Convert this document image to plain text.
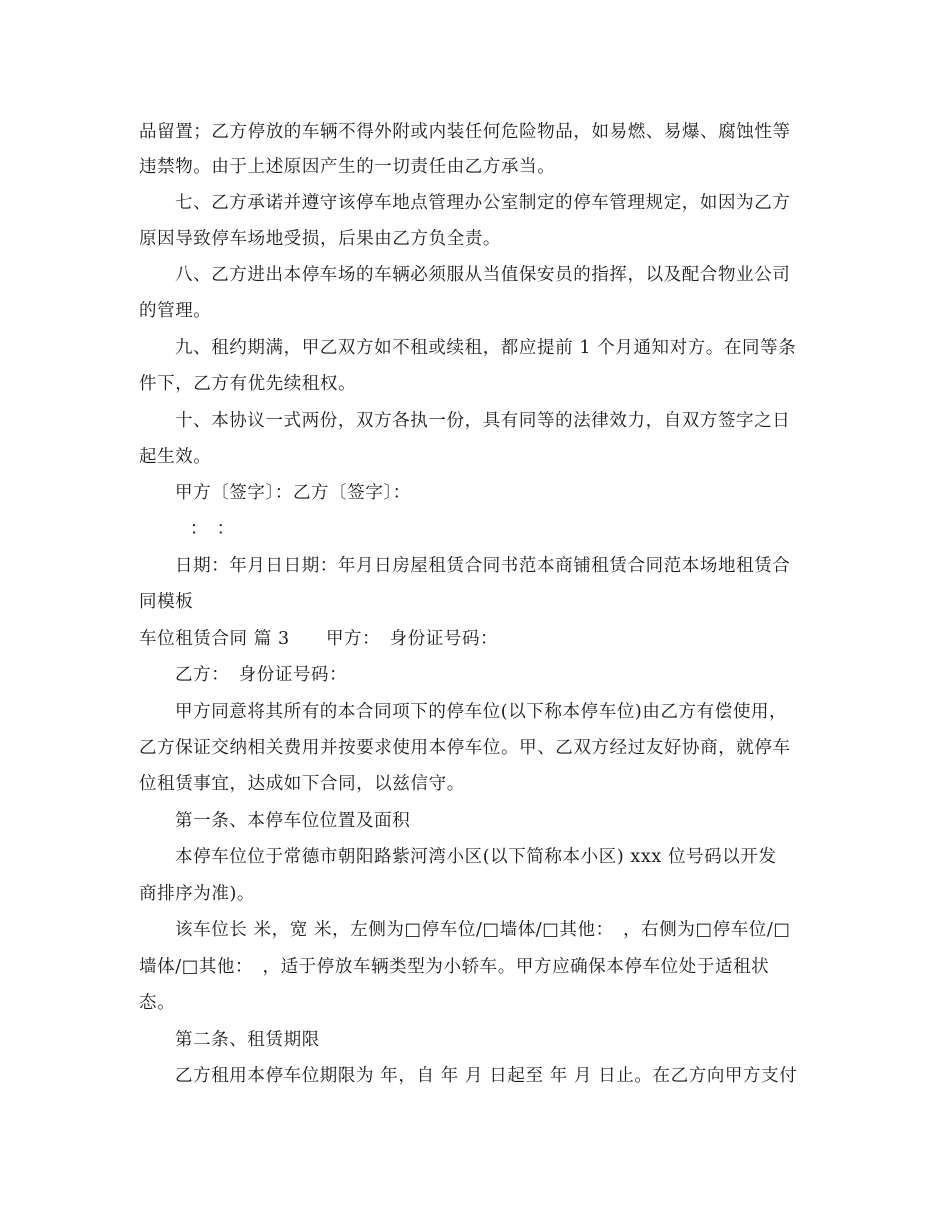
品留置；乙方停放的车辆不得外附或内装任何危险物品，如易燃、易爆、腐蚀性等
违禁物。由于上述原因产生的一切责任由乙方承当。
七、乙方承诺并遵守该停车地点管理办公室制定的停车管理规定，如因为乙方
原因导致停车场地受损，后果由乙方负全责。
八、乙方进出本停车场的车辆必须服从当值保安员的指挥，以及配合物业公司
的管理。
九、租约期满，甲乙双方如不租或续租，都应提前 1 个月通知对方。在同等条
件下，乙方有优先续租权。
十、本协议一式两份，双方各执一份，具有同等的法律效力，自双方签字之日
起生效。
甲方〔签字〕：乙方〔签字〕：
：：
日期：年月日日期：年月日房屋租赁合同书范本商铺租赁合同范本场地租赁合
同模板
车位租赁合同 篇 3　　甲方：　身份证号码：
乙方：　身份证号码：
甲方同意将其所有的本合同项下的停车位(以下称本停车位)由乙方有偿使用，
乙方保证交纳相关费用并按要求使用本停车位。甲、乙双方经过友好协商，就停车
位租赁事宜，达成如下合同，以兹信守。
第一条、本停车位位置及面积
本停车位位于常德市朝阳路紫河湾小区(以下简称本小区) xxx 位号码以开发
商排序为准)。
该车位长 米，宽 米，左侧为□停车位/□墙体/□其他：　，右侧为□停车位/□
墙体/□其他：　，适于停放车辆类型为小轿车。甲方应确保本停车位处于适租状
态。
第二条、租赁期限
乙方租用本停车位期限为 年，自 年 月 日起至 年 月 日止。在乙方向甲方支付
